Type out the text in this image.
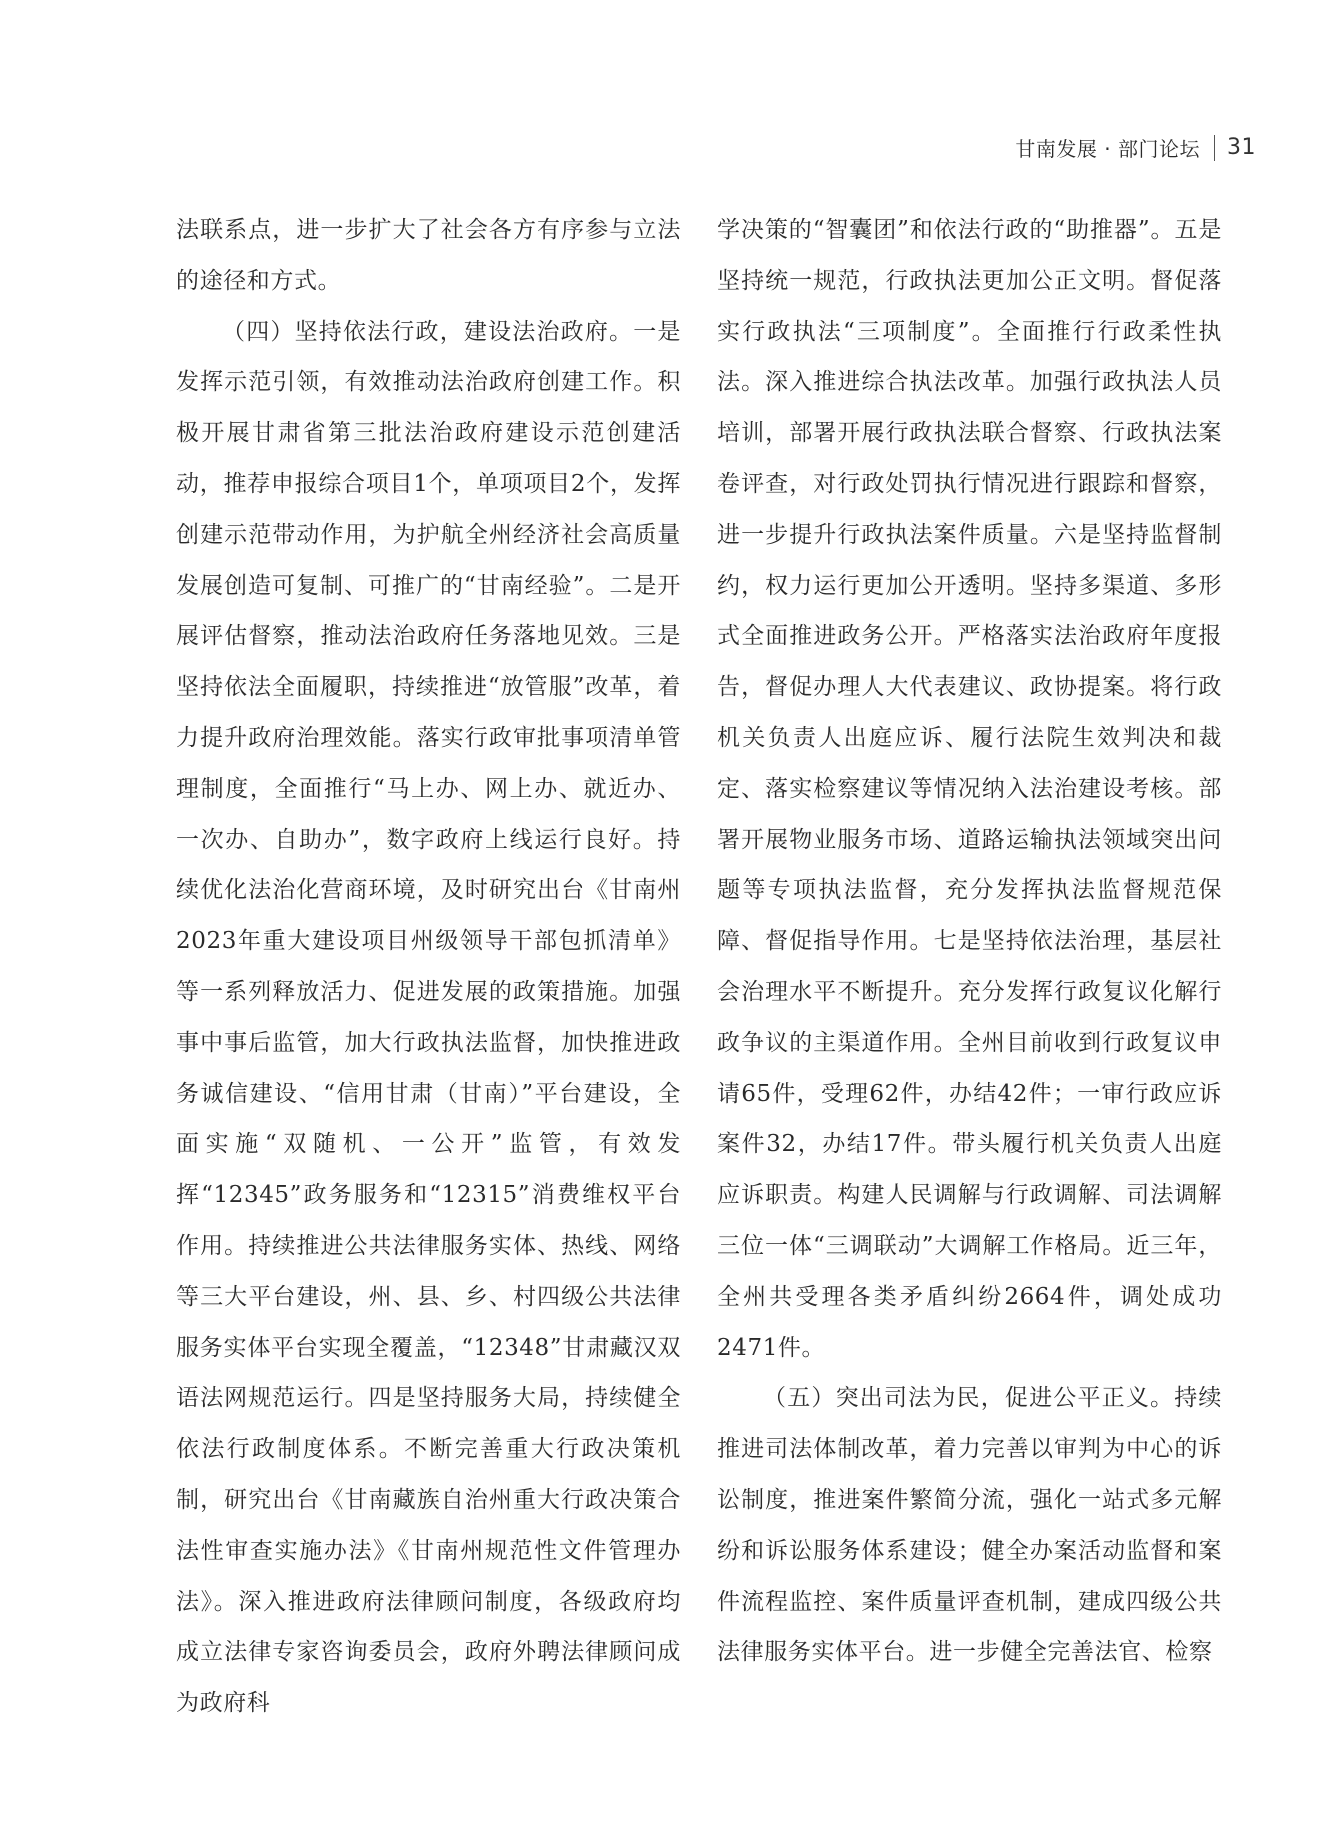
甘南发展 · 部门论坛 31

法联系点，进一步扩大了社会各方有序参与立法的途径和方式。

（四）坚持依法行政，建设法治政府。一是发挥示范引领，有效推动法治政府创建工作。积极开展甘肃省第三批法治政府建设示范创建活动，推荐申报综合项目1个，单项项目2个，发挥创建示范带动作用，为护航全州经济社会高质量发展创造可复制、可推广的“甘南经验”。二是开展评估督察，推动法治政府任务落地见效。三是坚持依法全面履职，持续推进“放管服”改革，着力提升政府治理效能。落实行政审批事项清单管理制度，全面推行“马上办、网上办、就近办、一次办、自助办”，数字政府上线运行良好。持续优化法治化营商环境，及时研究出台《甘南州2023年重大建设项目州级领导干部包抓清单》等一系列释放活力、促进发展的政策措施。加强事中事后监管，加大行政执法监督，加快推进政务诚信建设、“信用甘肃（甘南）”平台建设，全面实施“双随机、一公开”监管，有效发挥“12345”政务服务和“12315”消费维权平台作用。持续推进公共法律服务实体、热线、网络等三大平台建设，州、县、乡、村四级公共法律服务实体平台实现全覆盖，“12348”甘肃藏汉双语法网规范运行。四是坚持服务大局，持续健全依法行政制度体系。不断完善重大行政决策机制，研究出台《甘南藏族自治州重大行政决策合法性审查实施办法》《甘南州规范性文件管理办法》。深入推进政府法律顾问制度，各级政府均成立法律专家咨询委员会，政府外聘法律顾问成为政府科

学决策的“智囊团”和依法行政的“助推器”。五是坚持统一规范，行政执法更加公正文明。督促落实行政执法“三项制度”。全面推行行政柔性执法。深入推进综合执法改革。加强行政执法人员培训，部署开展行政执法联合督察、行政执法案卷评查，对行政处罚执行情况进行跟踪和督察，进一步提升行政执法案件质量。六是坚持监督制约，权力运行更加公开透明。坚持多渠道、多形式全面推进政务公开。严格落实法治政府年度报告，督促办理人大代表建议、政协提案。将行政机关负责人出庭应诉、履行法院生效判决和裁定、落实检察建议等情况纳入法治建设考核。部署开展物业服务市场、道路运输执法领域突出问题等专项执法监督，充分发挥执法监督规范保障、督促指导作用。七是坚持依法治理，基层社会治理水平不断提升。充分发挥行政复议化解行政争议的主渠道作用。全州目前收到行政复议申请65件，受理62件，办结42件；一审行政应诉案件32，办结17件。带头履行机关负责人出庭应诉职责。构建人民调解与行政调解、司法调解三位一体“三调联动”大调解工作格局。近三年，全州共受理各类矛盾纠纷2664件，调处成功2471件。

（五）突出司法为民，促进公平正义。持续推进司法体制改革，着力完善以审判为中心的诉讼制度，推进案件繁简分流，强化一站式多元解纷和诉讼服务体系建设；健全办案活动监督和案件流程监控、案件质量评查机制，建成四级公共法律服务实体平台。进一步健全完善法官、检察
